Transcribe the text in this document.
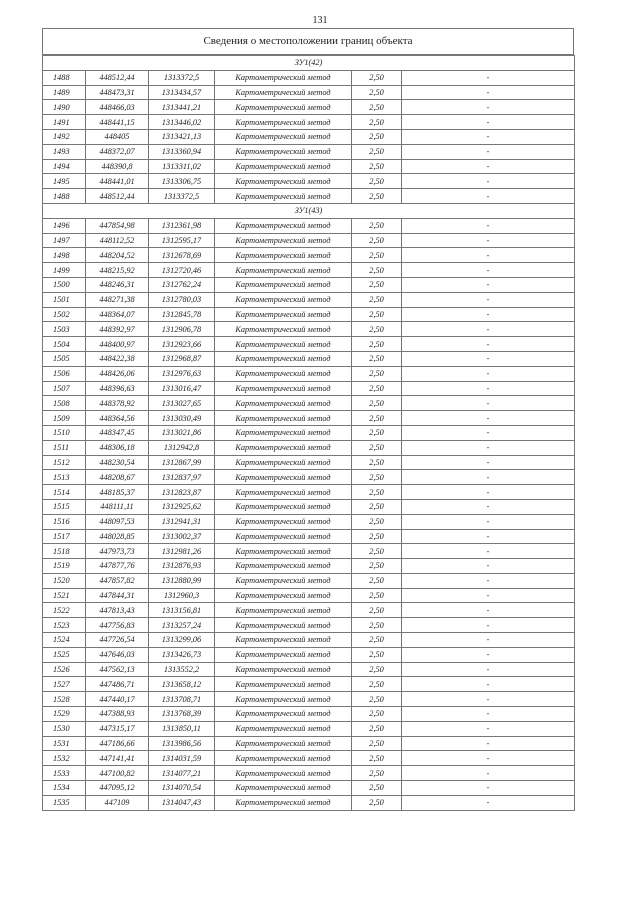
131
Сведения о местоположении границ объекта
ЗУ1(42)					
1488	448512,44	1313372,5	Картометрический метод	2,50	-
1489	448473,31	1313434,57	Картометрический метод	2,50	-
1490	448466,03	1313441,21	Картометрический метод	2,50	-
1491	448441,15	1313446,02	Картометрический метод	2,50	-
1492	448405	1313421,13	Картометрический метод	2,50	-
1493	448372,07	1313360,94	Картометрический метод	2,50	-
1494	448390,8	1313311,02	Картометрический метод	2,50	-
1495	448441,01	1313306,75	Картометрический метод	2,50	-
1488	448512,44	1313372,5	Картометрический метод	2,50	-
ЗУ1(43)					
1496	447854,98	1312361,98	Картометрический метод	2,50	-
1497	448112,52	1312595,17	Картометрический метод	2,50	-
1498	448204,52	1312678,69	Картометрический метод	2,50	-
1499	448215,92	1312720,46	Картометрический метод	2,50	-
1500	448246,31	1312762,24	Картометрический метод	2,50	-
1501	448271,38	1312780,03	Картометрический метод	2,50	-
1502	448364,07	1312845,78	Картометрический метод	2,50	-
1503	448392,97	1312906,78	Картометрический метод	2,50	-
1504	448400,97	1312923,66	Картометрический метод	2,50	-
1505	448422,38	1312968,87	Картометрический метод	2,50	-
1506	448426,06	1312976,63	Картометрический метод	2,50	-
1507	448396,63	1313016,47	Картометрический метод	2,50	-
1508	448378,92	1313027,65	Картометрический метод	2,50	-
1509	448364,56	1313030,49	Картометрический метод	2,50	-
1510	448347,45	1313021,86	Картометрический метод	2,50	-
1511	448306,18	1312942,8	Картометрический метод	2,50	-
1512	448230,54	1312867,99	Картометрический метод	2,50	-
1513	448208,67	1312837,97	Картометрический метод	2,50	-
1514	448185,37	1312823,87	Картометрический метод	2,50	-
1515	448111,11	1312925,62	Картометрический метод	2,50	-
1516	448097,53	1312941,31	Картометрический метод	2,50	-
1517	448028,85	1313002,37	Картометрический метод	2,50	-
1518	447973,73	1312981,26	Картометрический метод	2,50	-
1519	447877,76	1312876,93	Картометрический метод	2,50	-
1520	447857,82	1312880,99	Картометрический метод	2,50	-
1521	447844,31	1312960,3	Картометрический метод	2,50	-
1522	447813,43	1313156,81	Картометрический метод	2,50	-
1523	447756,83	1313257,24	Картометрический метод	2,50	-
1524	447726,54	1313299,06	Картометрический метод	2,50	-
1525	447646,03	1313426,73	Картометрический метод	2,50	-
1526	447562,13	1313552,2	Картометрический метод	2,50	-
1527	447486,71	1313658,12	Картометрический метод	2,50	-
1528	447440,17	1313708,71	Картометрический метод	2,50	-
1529	447388,93	1313768,39	Картометрический метод	2,50	-
1530	447315,17	1313850,11	Картометрический метод	2,50	-
1531	447186,66	1313986,56	Картометрический метод	2,50	-
1532	447141,41	1314031,59	Картометрический метод	2,50	-
1533	447100,82	1314077,21	Картометрический метод	2,50	-
1534	447095,12	1314070,54	Картометрический метод	2,50	-
1535	447109	1314047,43	Картометрический метод	2,50	-
